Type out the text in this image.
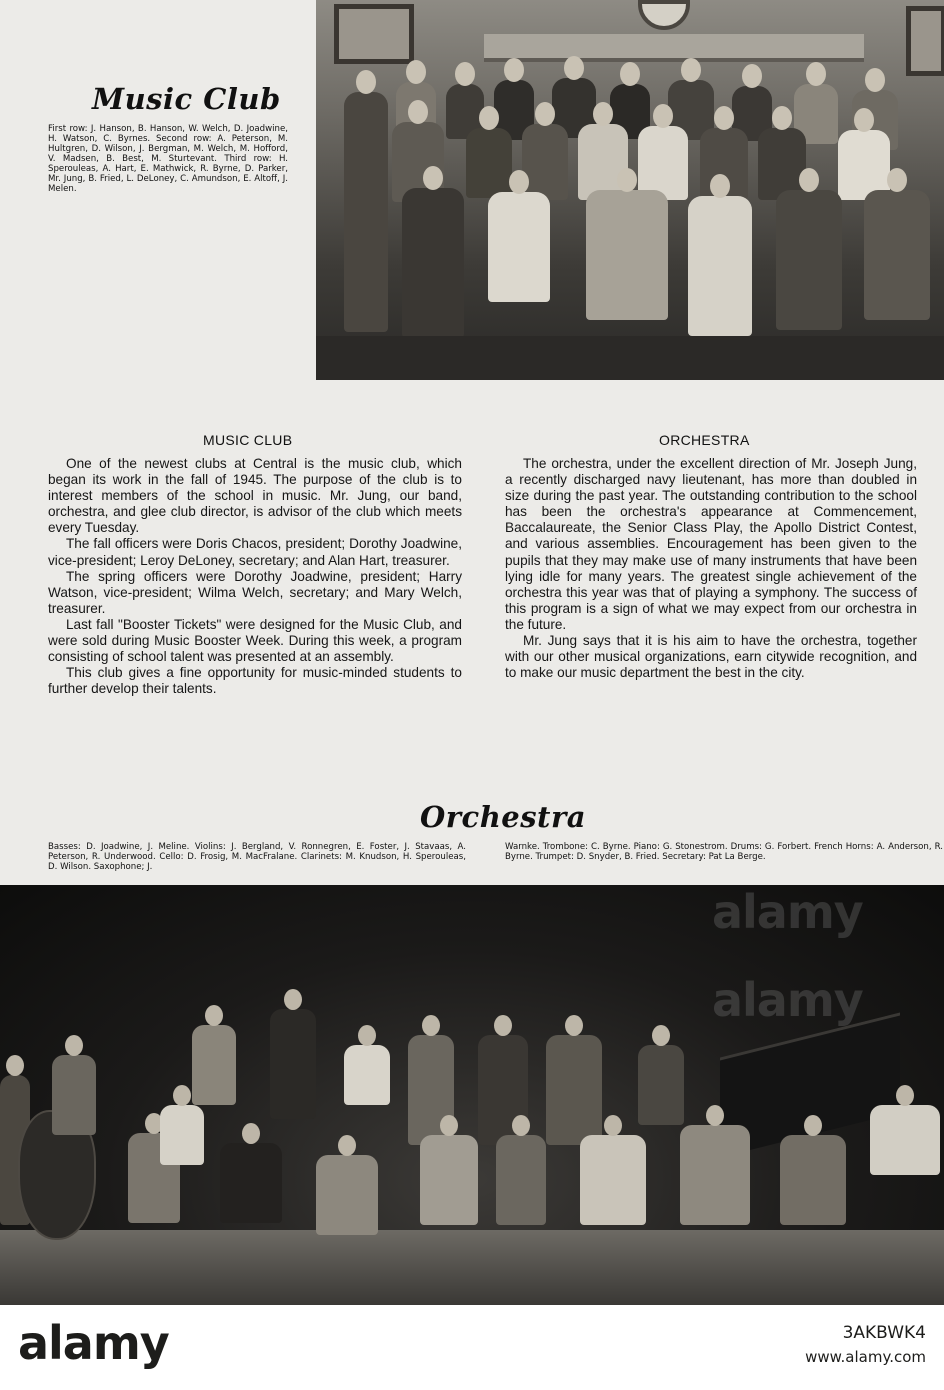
Music Club
First row: J. Hanson, B. Hanson, W. Welch, D. Joadwine, H. Watson, C. Byrnes. Second row: A. Peterson, M. Hultgren, D. Wilson, J. Bergman, M. Welch, M. Hofford, V. Madsen, B. Best, M. Sturtevant. Third row: H. Sperouleas, A. Hart, E. Mathwick, R. Byrne, D. Parker, Mr. Jung, B. Fried, L. DeLoney, C. Amundson, E. Altoff, J. Melen.
MUSIC CLUB

One of the newest clubs at Central is the music club, which began its work in the fall of 1945. The purpose of the club is to interest members of the school in music. Mr. Jung, our band, orchestra, and glee club director, is advisor of the club which meets every Tuesday.

The fall officers were Doris Chacos, president; Dorothy Joadwine, vice-president; Leroy DeLoney, secretary; and Alan Hart, treasurer.

The spring officers were Dorothy Joadwine, president; Harry Watson, vice-president; Wilma Welch, secretary; and Mary Welch, treasurer.

Last fall "Booster Tickets" were designed for the Music Club, and were sold during Music Booster Week. During this week, a program consisting of school talent was presented at an assembly.

This club gives a fine opportunity for music-minded students to further develop their talents.

ORCHESTRA

The orchestra, under the excellent direction of Mr. Joseph Jung, a recently discharged navy lieutenant, has more than doubled in size during the past year. The outstanding contribution to the school has been the orchestra's appearance at Commencement, Baccalaureate, the Senior Class Play, the Apollo District Contest, and various assemblies. Encouragement has been given to the pupils that they may make use of many instruments that have been lying idle for many years. The greatest single achievement of the orchestra this year was that of playing a symphony. The success of this program is a sign of what we may expect from our orchestra in the future.

Mr. Jung says that it is his aim to have the orchestra, together with our other musical organizations, earn citywide recognition, and to make our music department the best in the city.

Orchestra
Basses: D. Joadwine, J. Meline. Violins: J. Bergland, V. Ronnegren, E. Foster, J. Stavaas, A. Peterson, R. Underwood. Cello: D. Frosig, M. MacFralane. Clarinets: M. Knudson, H. Sperouleas, D. Wilson. Saxophone; J.
Warnke. Trombone: C. Byrne. Piano: G. Stonestrom. Drums: G. Forbert. French Horns: A. Anderson, R. Byrne. Trumpet: D. Snyder, B. Fried. Secretary: Pat La Berge.
alamy
alamy
alamy	3AKBWK4
www.alamy.com
